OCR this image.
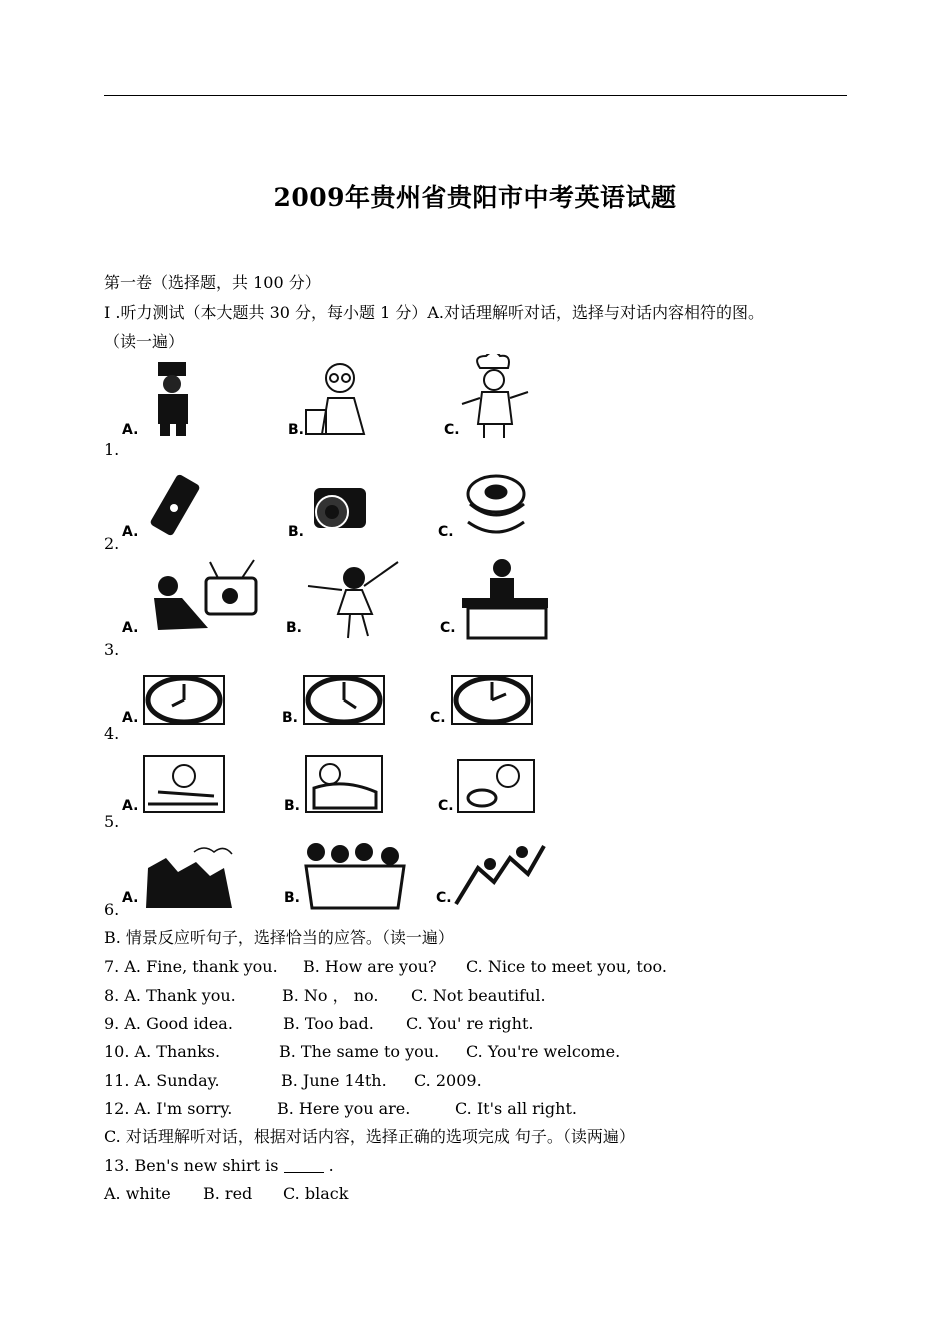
2009年贵州省贵阳市中考英语试题
第一卷（选择题，共 100 分）
I .听力测试（本大题共 30 分，每小题 1 分）A.对话理解听对话，选择与对话内容相符的图。
（读一遍）
A.	B.	C.
1.
A.	B.	C.
2.
A.	B.	C.
3.
A.	B.	C.
4.
A.	B.	C.
5.
A.	B.	C.
6.
B. 情景反应听句子，选择恰当的应答。（读一遍）
7. A. Fine, thank you. B. How are you? C. Nice to meet you, too.
8. A. Thank you.	B. No ， no. C. Not beautiful.
9. A. Good idea.	B. Too bad. C. You' re right.
10. A. Thanks.	B. The same to you. C. You're welcome.
11. A. Sunday.	B. June 14th. C. 2009.
12. A. I'm sorry.	B. Here you are.	C. It's all right.
C. 对话理解听对话，根据对话内容，选择正确的选项完成 句子。（读两遍）
13. Ben's new shirt is	.
A. white B. red C. black
